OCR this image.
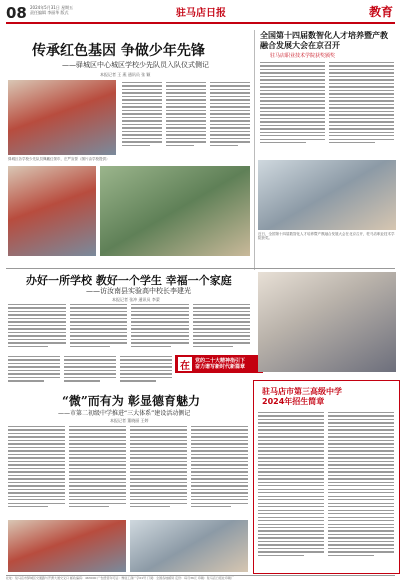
08 2024年5月31日 星期五
责任编辑 李丽华 版式	驻马店日报	教育
传承红色基因 争做少年先锋
——驿城区中心城区学校少先队员入队仪式侧记
本报记者 王 燕 通讯员 张 颖
驿城区各学校少先队员佩戴红领巾，庄严宣誓（图片由学校提供）
全国第十四届数智化人才培养暨产教融合发展大会在京召开
驻马店职业技术学院获奖颁奖
近日，全国第十四届数智化人才培养暨产教融合发展大会在北京召开，驻马店职业技术学院获奖。
办好一所学校 教好一个学生 幸福一个家庭
——访汝南县实验高中校长李建光
本报记者 张冲 通讯员 李蒙
在	党的二十大精神指引下
奋力谱写新时代新篇章
“微”而有为 彰显德育魅力
——市第二初级中学推进“三大体系”建设活动侧记
本报记者 董晓丽 王婷
驻马店市第三高级中学
2024年招生简章
社址：驻马店市驿城区交通路与开源大道交叉口 邮政编码：463000 广告经营许可证：豫驻工商广字01号 订阅：全国各地邮局 定价：每月36元 印刷：驻马店日报社印刷厂
